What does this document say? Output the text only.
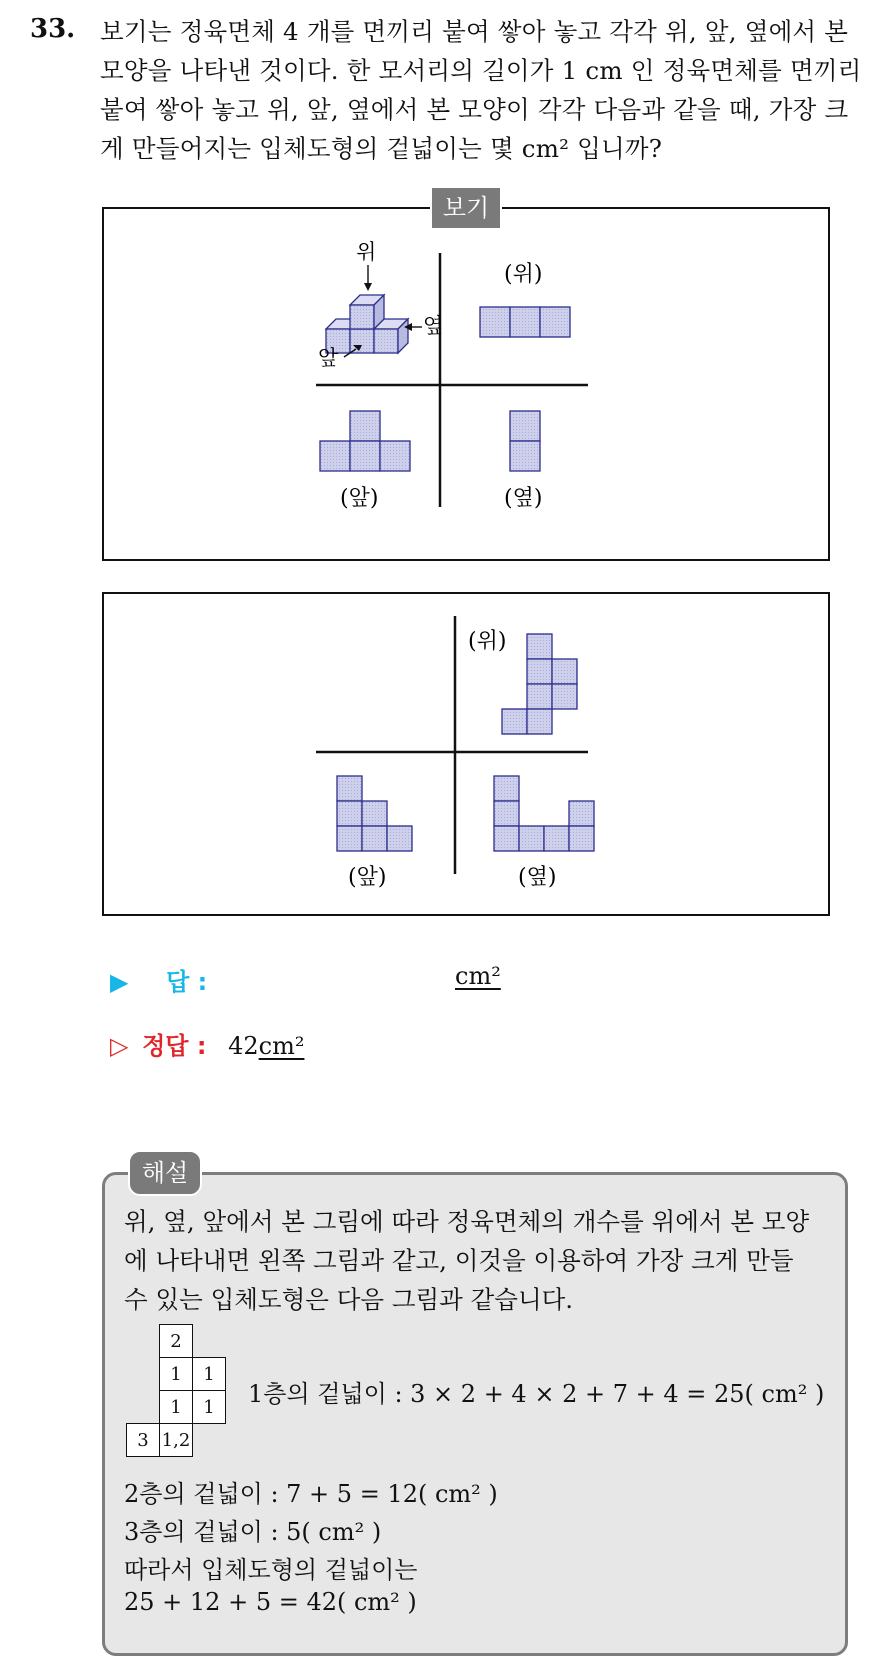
33. 보기는 정육면체 4 개를 면끼리 붙여 쌓아 놓고 각각 위, 앞, 옆에서 본 모양을 나타낸 것이다. 한 모서리의 길이가 1 cm 인 정육면체를 면끼리 붙여 쌓아 놓고 위, 앞, 옆에서 본 모양이 각각 다음과 같을 때, 가장 크게 만들어지는 입체도형의 겉넓이는 몇 cm² 입니까?
위
옆
앞
(위)
(앞)	(옆)
보기
(위)
(앞)	(옆)
▶ 답 :	cm²
▷ 정답 : 42cm²
해설
위, 옆, 앞에서 본 그림에 따라 정육면체의 개수를 위에서 본 모양에 나타내면 왼쪽 그림과 같고, 이것을 이용하여 가장 크게 만들 수 있는 입체도형은 다음 그림과 같습니다.
2
1	1
1	1
3 1,2
1층의 겉넓이 : 3 × 2 + 4 × 2 + 7 + 4 = 25( cm² )
2층의 겉넓이 : 7 + 5 = 12( cm² )
3층의 겉넓이 : 5( cm² )
따라서 입체도형의 겉넓이는
25 + 12 + 5 = 42( cm² )
